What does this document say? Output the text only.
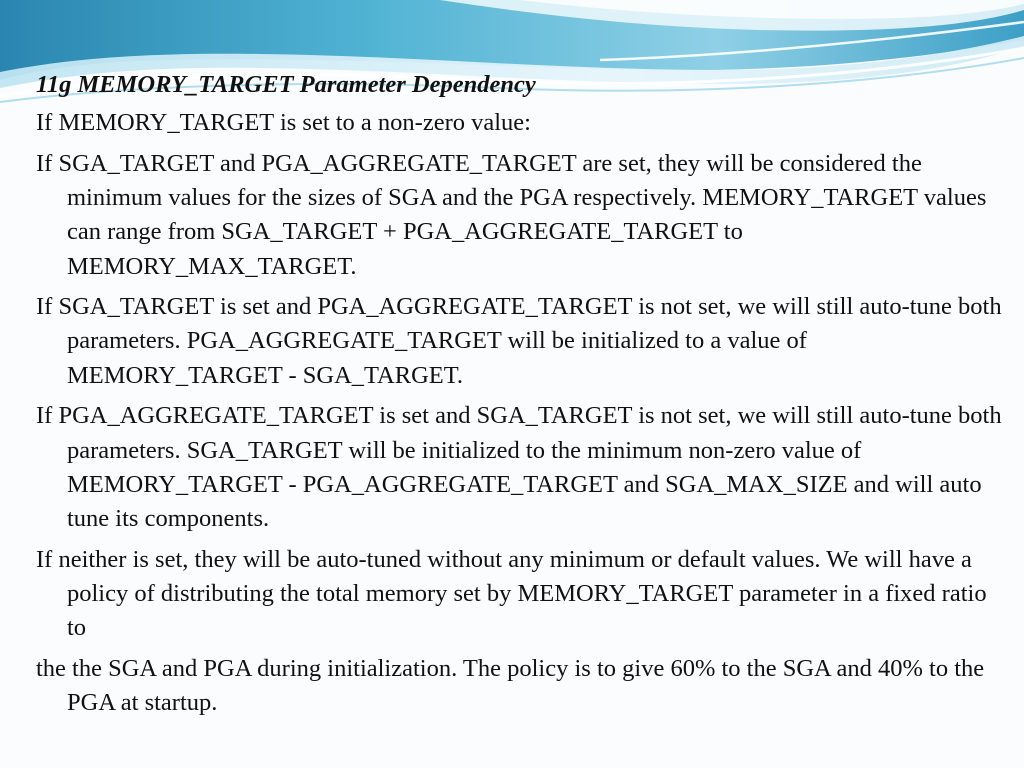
11g MEMORY_TARGET Parameter Dependency
If MEMORY_TARGET is set to a non-zero value:
If SGA_TARGET and PGA_AGGREGATE_TARGET are set, they will be considered the minimum values for the sizes of SGA and the PGA respectively. MEMORY_TARGET values can range from SGA_TARGET + PGA_AGGREGATE_TARGET to MEMORY_MAX_TARGET.
If SGA_TARGET is set and PGA_AGGREGATE_TARGET is not set, we will still auto-tune both parameters. PGA_AGGREGATE_TARGET will be initialized to a value of MEMORY_TARGET - SGA_TARGET.
If PGA_AGGREGATE_TARGET is set and SGA_TARGET is not set, we will still auto-tune both parameters. SGA_TARGET will be initialized to the minimum non-zero value of MEMORY_TARGET - PGA_AGGREGATE_TARGET and SGA_MAX_SIZE and will auto tune its components.
If neither is set, they will be auto-tuned without any minimum or default values. We will have a policy of distributing the total memory set by MEMORY_TARGET parameter in a fixed ratio to
the the SGA and PGA during initialization. The policy is to give 60% to the SGA and 40% to the PGA at startup.
